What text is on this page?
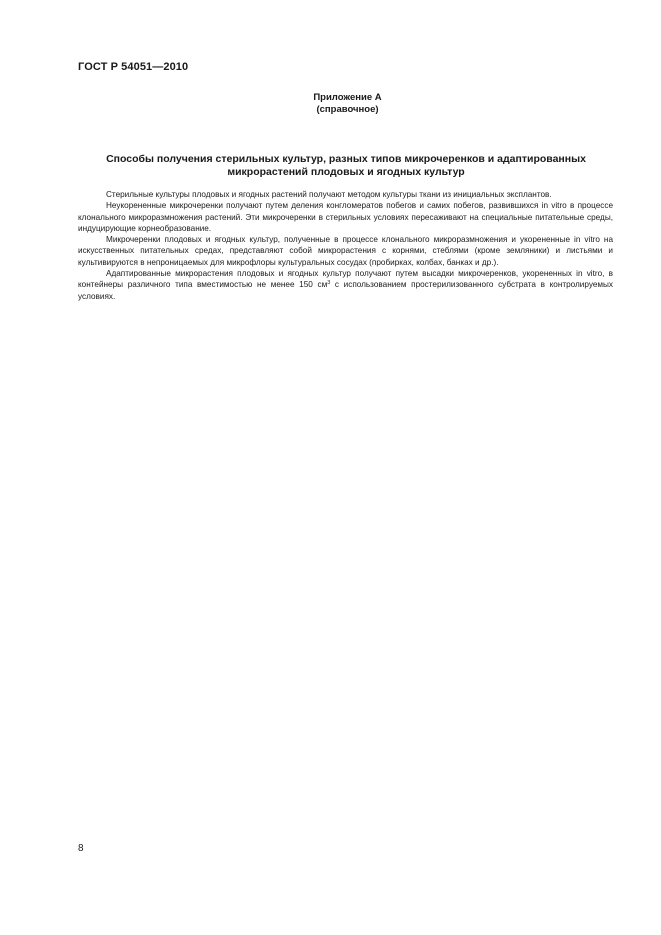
ГОСТ Р 54051—2010
Приложение А
(справочное)
Способы получения стерильных культур, разных типов микрочеренков и адаптированных
микрорастений плодовых и ягодных культур

Стерильные культуры плодовых и ягодных растений получают методом культуры ткани из инициальных эксплантов.

Неукорененные микрочеренки получают путем деления конгломератов побегов и самих побегов, развившихся in vitro в процессе клонального микроразмножения растений. Эти микрочеренки в стерильных условиях пересаживают на специальные питательные среды, индуцирующие корнеобразование.

Микрочеренки плодовых и ягодных культур, полученные в процессе клонального микроразмножения и укорененные in vitro на искусственных питательных средах, представляют собой микрорастения с корнями, стеблями (кроме земляники) и листьями и культивируются в непроницаемых для микрофлоры культуральных сосудах (пробирках, колбах, банках и др.).

Адаптированные микрорастения плодовых и ягодных культур получают путем высадки микрочеренков, укорененных in vitro, в контейнеры различного типа вместимостью не менее 150 $см^3$ с использованием простерилизованного субстрата в контролируемых условиях.

8
